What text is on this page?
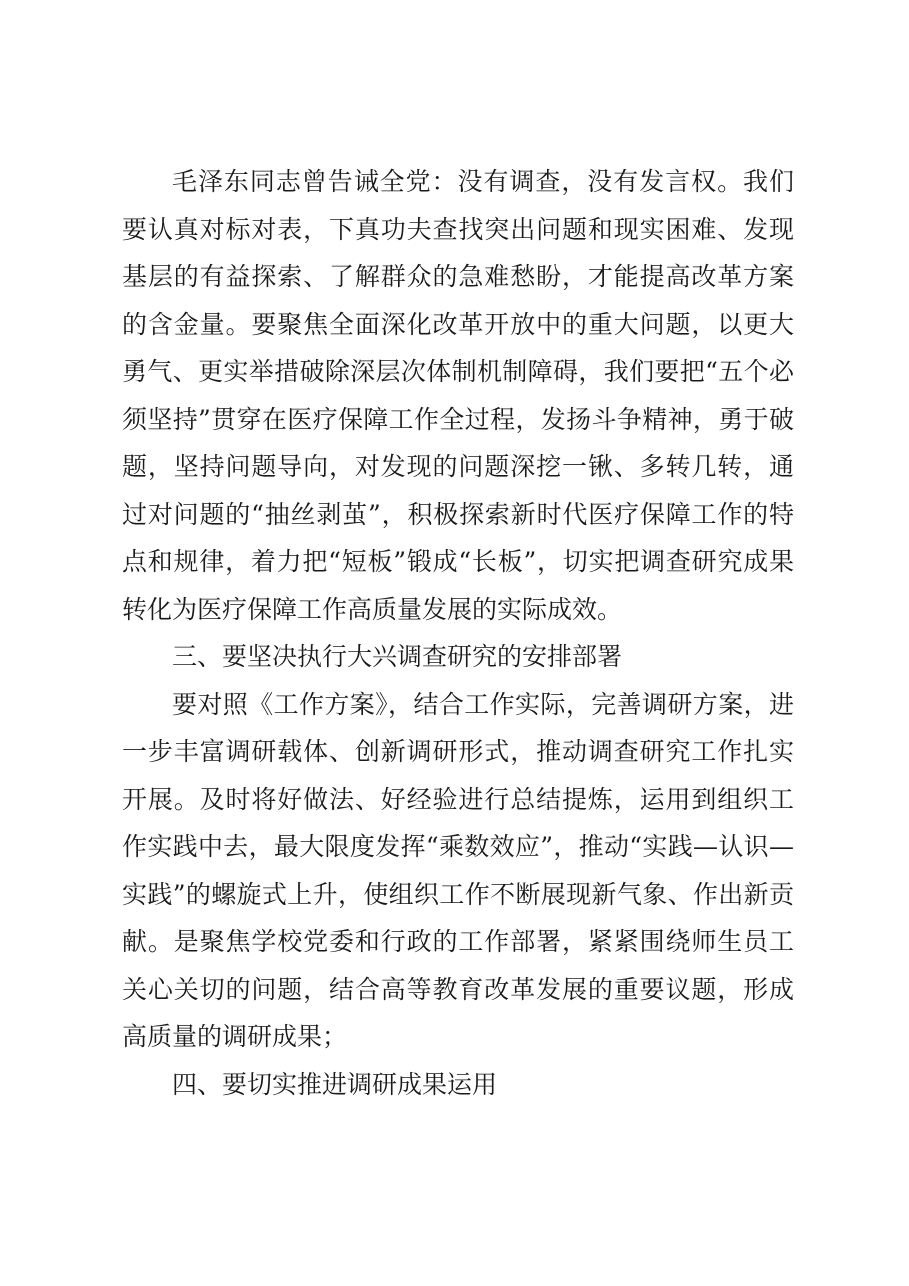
毛泽东同志曾告诫全党：没有调查，没有发言权。我们要认真对标对表，下真功夫查找突出问题和现实困难、发现基层的有益探索、了解群众的急难愁盼，才能提高改革方案的含金量。要聚焦全面深化改革开放中的重大问题，以更大勇气、更实举措破除深层次体制机制障碍，我们要把“五个必须坚持”贯穿在医疗保障工作全过程，发扬斗争精神，勇于破题，坚持问题导向，对发现的问题深挖一锹、多转几转，通过对问题的“抽丝剥茧”，积极探索新时代医疗保障工作的特点和规律，着力把“短板”锻成“长板”，切实把调查研究成果转化为医疗保障工作高质量发展的实际成效。

三、要坚决执行大兴调查研究的安排部署

要对照《工作方案》，结合工作实际，完善调研方案，进一步丰富调研载体、创新调研形式，推动调查研究工作扎实开展。及时将好做法、好经验进行总结提炼，运用到组织工作实践中去，最大限度发挥“乘数效应”，推动“实践—认识—实践”的螺旋式上升，使组织工作不断展现新气象、作出新贡献。是聚焦学校党委和行政的工作部署，紧紧围绕师生员工关心关切的问题，结合高等教育改革发展的重要议题，形成高质量的调研成果；

四、要切实推进调研成果运用
